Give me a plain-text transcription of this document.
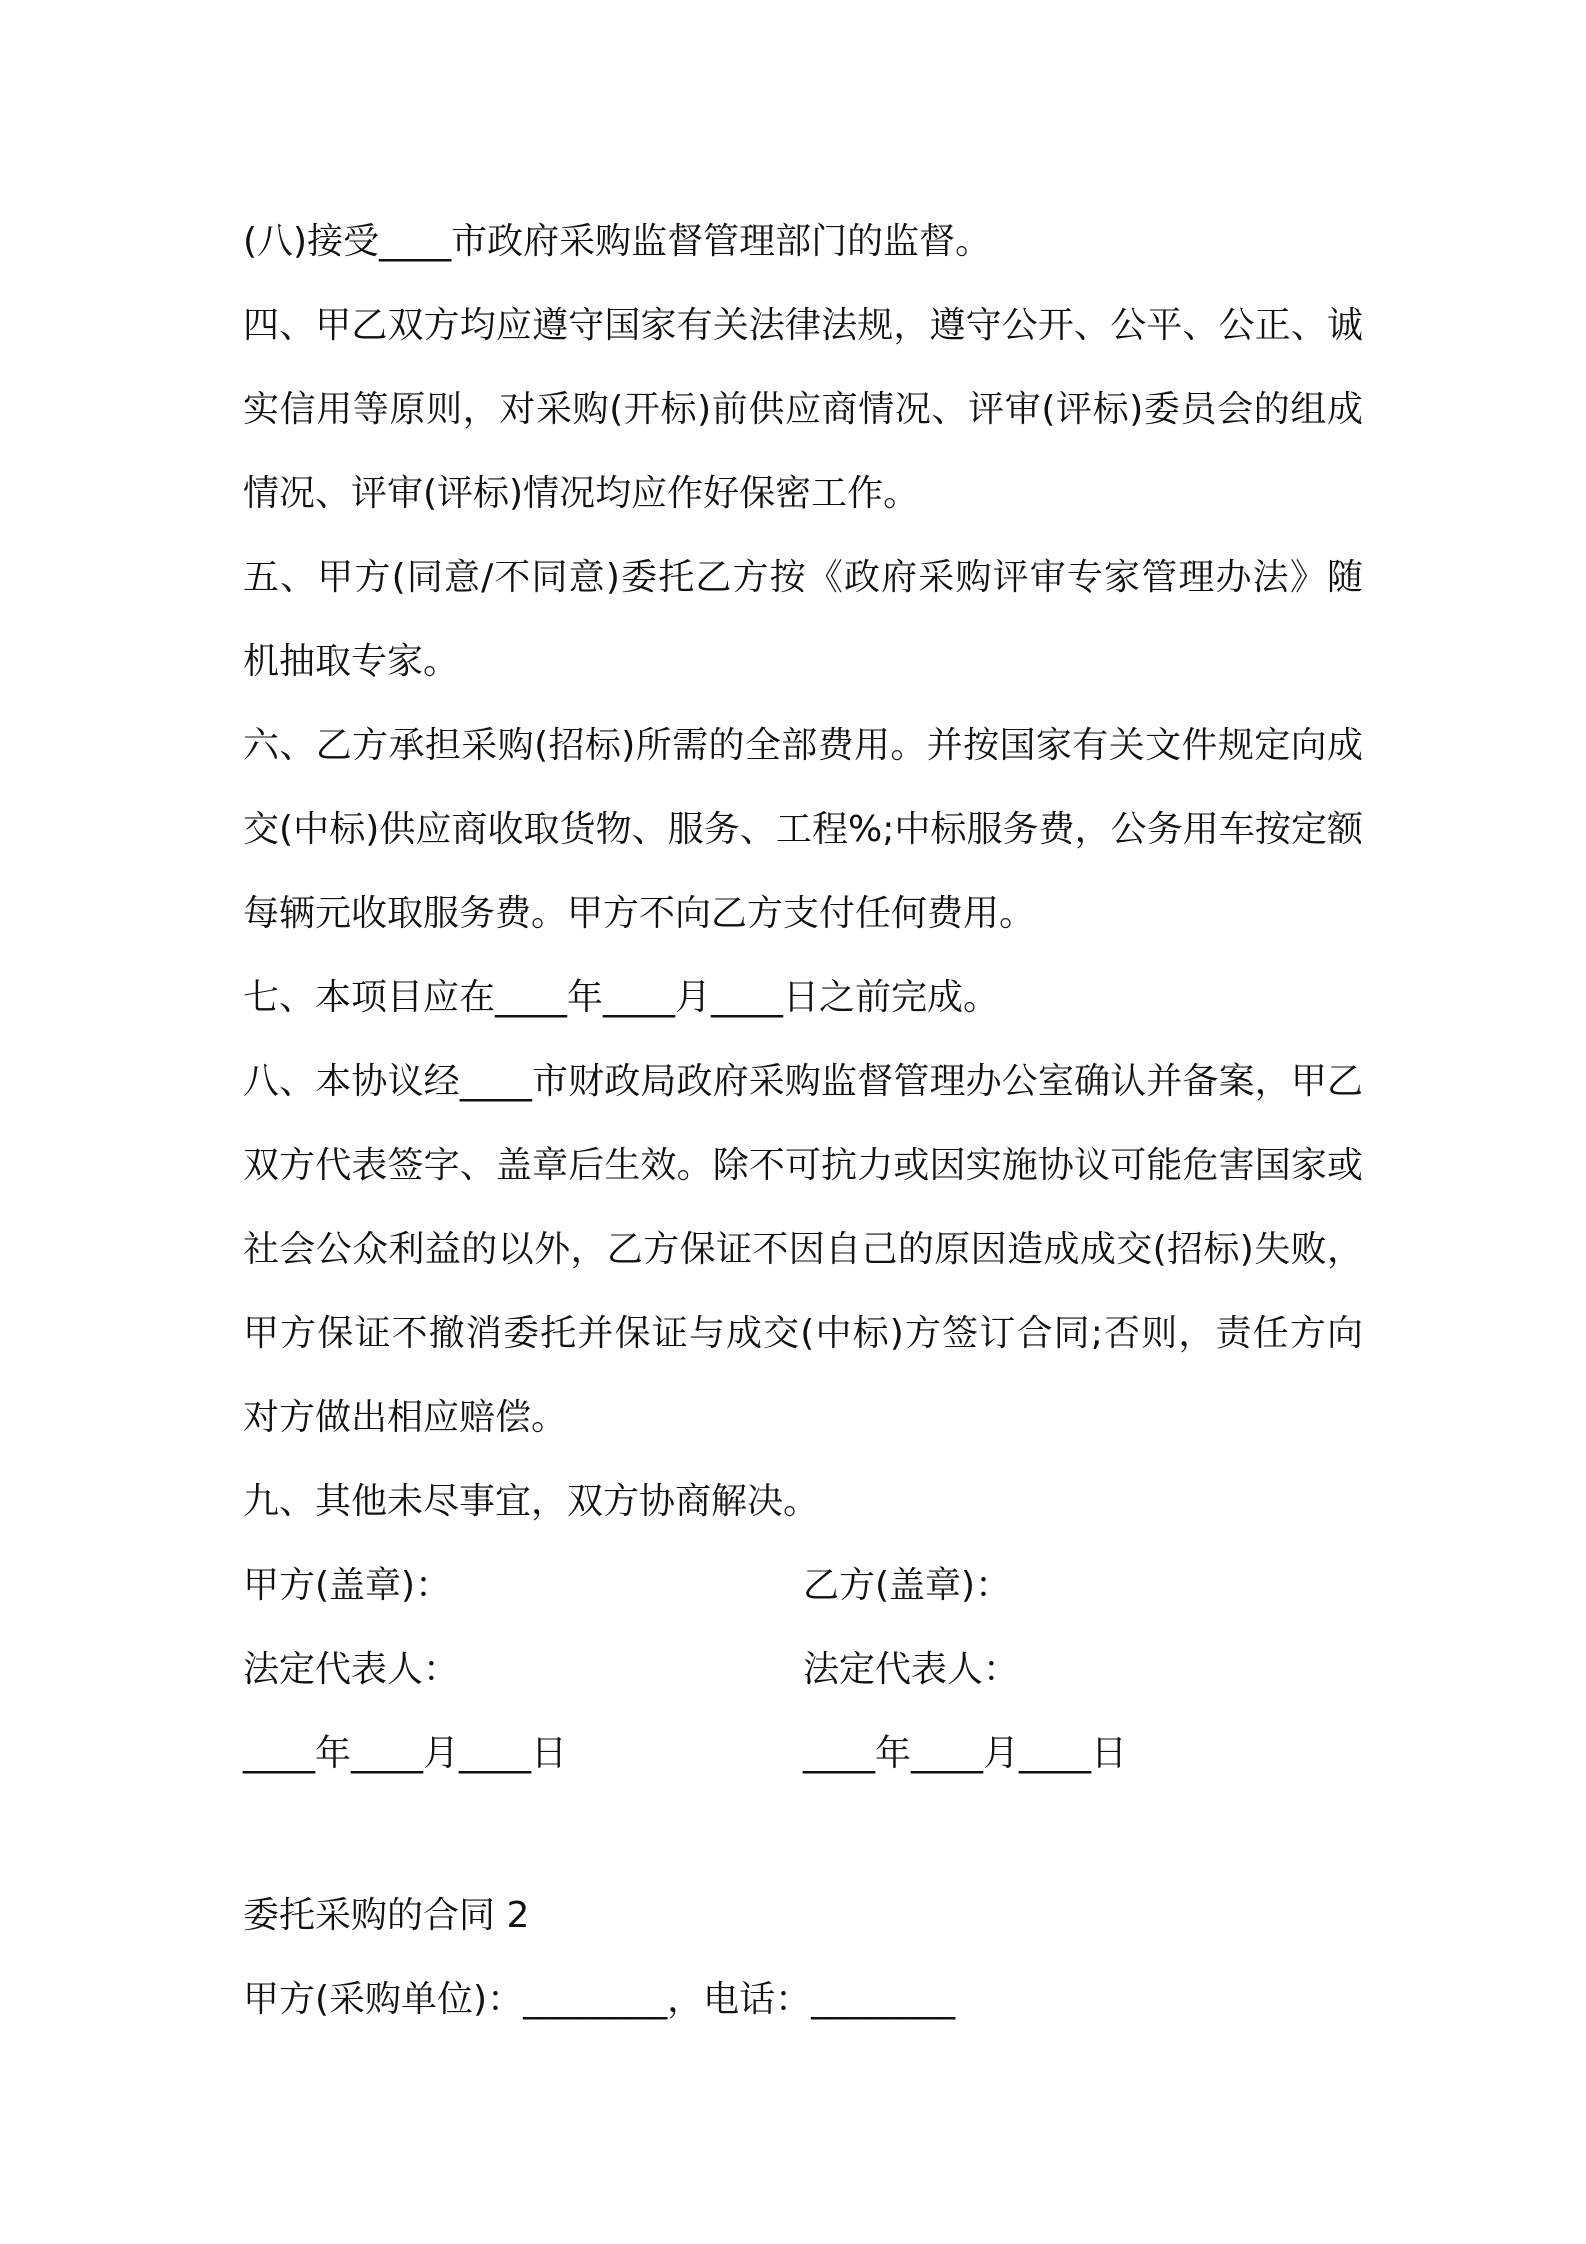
(八)接受____市政府采购监督管理部门的监督。

四、甲乙双方均应遵守国家有关法律法规，遵守公开、公平、公正、诚实信用等原则，对采购(开标)前供应商情况、评审(评标)委员会的组成情况、评审(评标)情况均应作好保密工作。

五、甲方(同意/不同意)委托乙方按《政府采购评审专家管理办法》随机抽取专家。

六、乙方承担采购(招标)所需的全部费用。并按国家有关文件规定向成交(中标)供应商收取货物、服务、工程%;中标服务费，公务用车按定额每辆元收取服务费。甲方不向乙方支付任何费用。

七、本项目应在____年____月____日之前完成。

八、本协议经____市财政局政府采购监督管理办公室确认并备案，甲乙双方代表签字、盖章后生效。除不可抗力或因实施协议可能危害国家或社会公众利益的以外，乙方保证不因自己的原因造成成交(招标)失败，甲方保证不撤消委托并保证与成交(中标)方签订合同;否则，责任方向对方做出相应赔偿。

九、其他未尽事宜，双方协商解决。

甲方(盖章)：	乙方(盖章)：
法定代表人：	法定代表人：
____年____月____日	____年____月____日

委托采购的合同 2

甲方(采购单位)：________，电话：________
